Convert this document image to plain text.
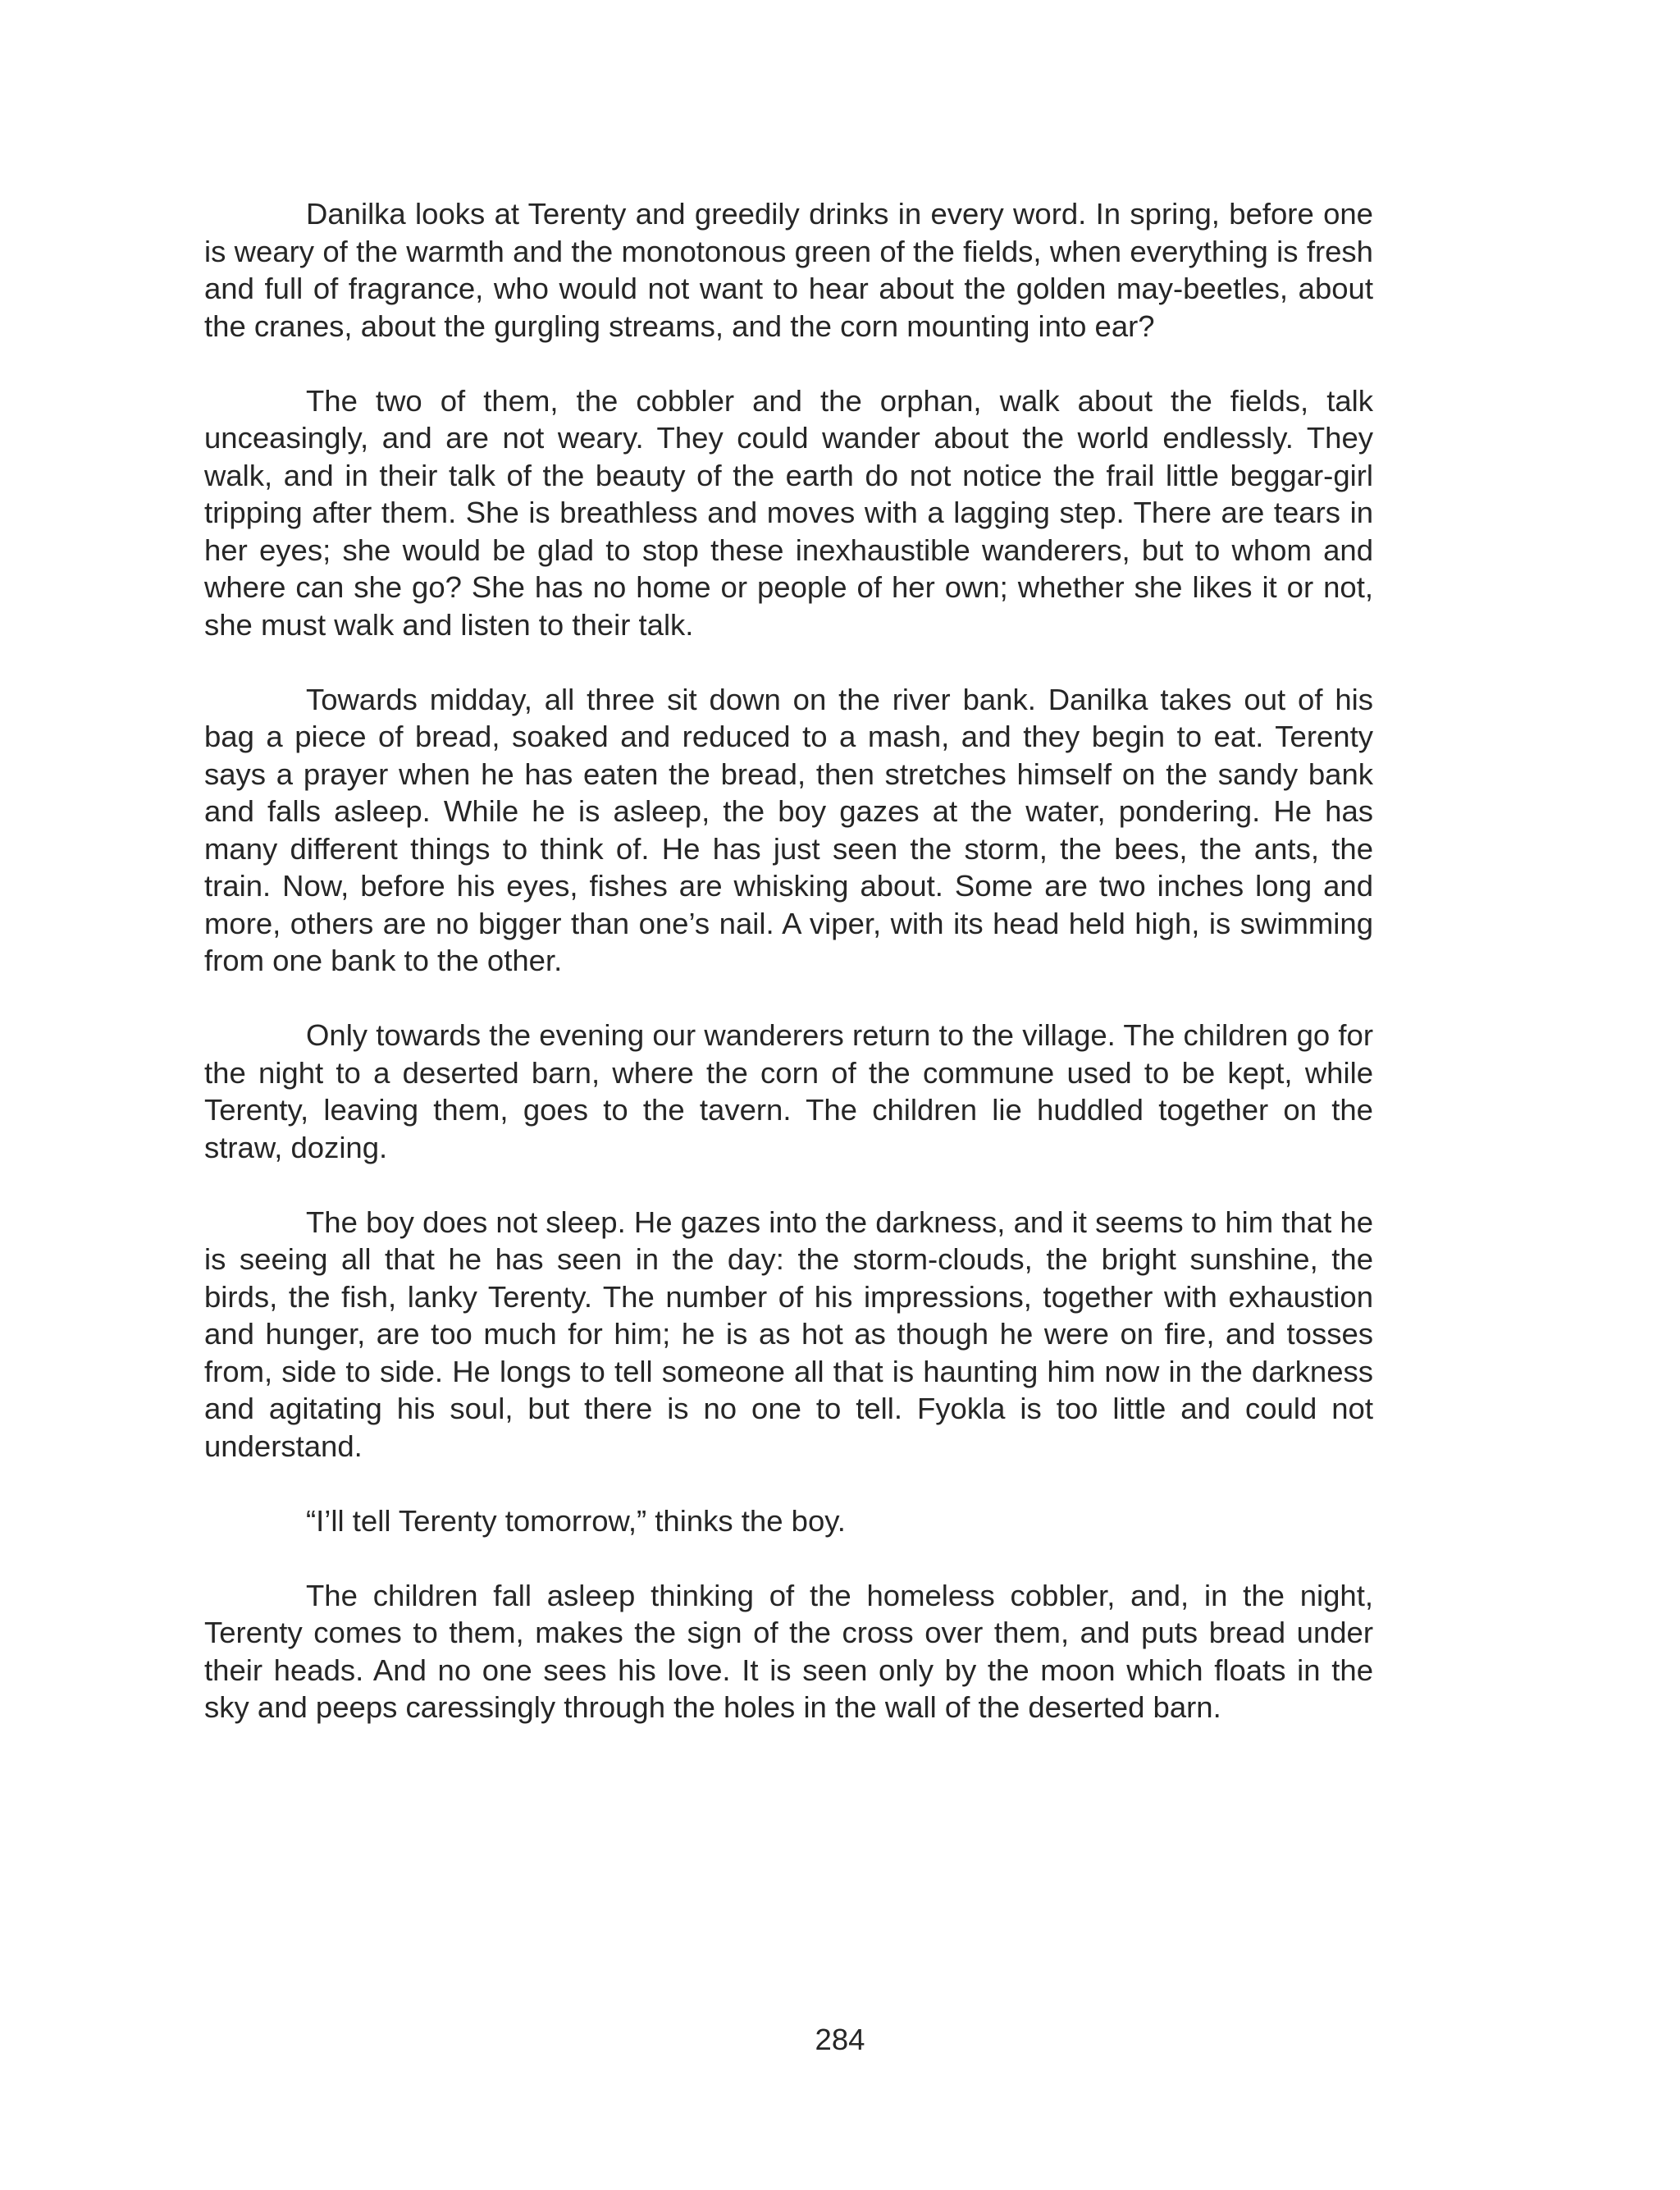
Danilka looks at Terenty and greedily drinks in every word. In spring, before one is weary of the warmth and the monotonous green of the fields, when everything is fresh and full of fragrance, who would not want to hear about the golden may-beetles, about the cranes, about the gurgling streams, and the corn mounting into ear?

The two of them, the cobbler and the orphan, walk about the fields, talk unceasingly, and are not weary. They could wander about the world endlessly. They walk, and in their talk of the beauty of the earth do not notice the frail little beggar-girl tripping after them. She is breathless and moves with a lagging step. There are tears in her eyes; she would be glad to stop these inexhaustible wanderers, but to whom and where can she go? She has no home or people of her own; whether she likes it or not, she must walk and listen to their talk.

Towards midday, all three sit down on the river bank. Danilka takes out of his bag a piece of bread, soaked and reduced to a mash, and they begin to eat. Terenty says a prayer when he has eaten the bread, then stretches himself on the sandy bank and falls asleep. While he is asleep, the boy gazes at the water, pondering. He has many different things to think of. He has just seen the storm, the bees, the ants, the train. Now, before his eyes, fishes are whisking about. Some are two inches long and more, others are no bigger than one’s nail. A viper, with its head held high, is swimming from one bank to the other.

Only towards the evening our wanderers return to the village. The children go for the night to a deserted barn, where the corn of the commune used to be kept, while Terenty, leaving them, goes to the tavern. The children lie huddled together on the straw, dozing.

The boy does not sleep. He gazes into the darkness, and it seems to him that he is seeing all that he has seen in the day: the storm-clouds, the bright sunshine, the birds, the fish, lanky Terenty. The number of his impressions, together with exhaustion and hunger, are too much for him; he is as hot as though he were on fire, and tosses from, side to side. He longs to tell someone all that is haunting him now in the darkness and agitating his soul, but there is no one to tell. Fyokla is too little and could not understand.

“I’ll tell Terenty tomorrow,” thinks the boy.

The children fall asleep thinking of the homeless cobbler, and, in the night, Terenty comes to them, makes the sign of the cross over them, and puts bread under their heads. And no one sees his love. It is seen only by the moon which floats in the sky and peeps caressingly through the holes in the wall of the deserted barn.

284
